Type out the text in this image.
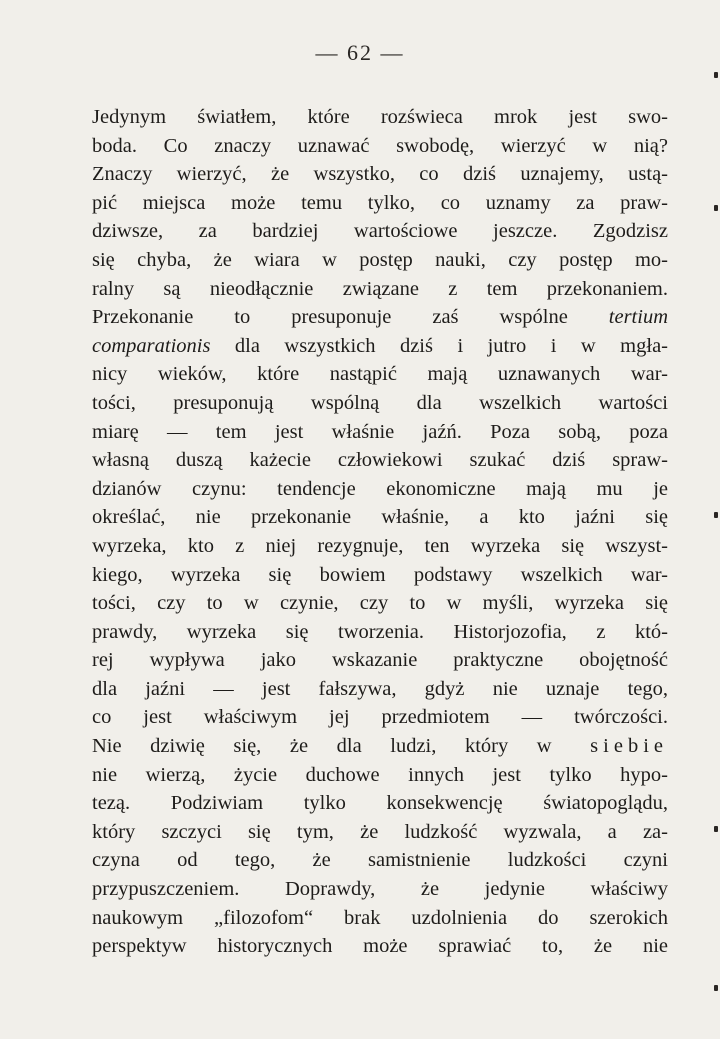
— 62 —
Jedynym światłem, które rozświeca mrok jest swo-
boda. Co znaczy uznawać swobodę, wierzyć w nią?
Znaczy wierzyć, że wszystko, co dziś uznajemy, ustą-
pić miejsca może temu tylko, co uznamy za praw-
dziwsze, za bardziej wartościowe jeszcze. Zgodzisz
się chyba, że wiara w postęp nauki, czy postęp mo-
ralny są nieodłącznie związane z tem przekonaniem.
Przekonanie to presuponuje zaś wspólne tertium
comparationis dla wszystkich dziś i jutro i w mgła-
nicy wieków, które nastąpić mają uznawanych war-
tości, presuponują wspólną dla wszelkich wartości
miarę — tem jest właśnie jaźń. Poza sobą, poza
własną duszą każecie człowiekowi szukać dziś spraw-
dzianów czynu: tendencje ekonomiczne mają mu je
określać, nie przekonanie właśnie, a kto jaźni się
wyrzeka, kto z niej rezygnuje, ten wyrzeka się wszyst-
kiego, wyrzeka się bowiem podstawy wszelkich war-
tości, czy to w czynie, czy to w myśli, wyrzeka się
prawdy, wyrzeka się tworzenia. Historjozofia, z któ-
rej wypływa jako wskazanie praktyczne obojętność
dla jaźni — jest fałszywa, gdyż nie uznaje tego,
co jest właściwym jej przedmiotem — twórczości.
Nie dziwię się, że dla ludzi, który w siebie
nie wierzą, życie duchowe innych jest tylko hypo-
tezą. Podziwiam tylko konsekwencję światopoglądu,
który szczyci się tym, że ludzkość wyzwala, a za-
czyna od tego, że samistnienie ludzkości czyni
przypuszczeniem. Doprawdy, że jedynie właściwy
naukowym „filozofom“ brak uzdolnienia do szerokich
perspektyw historycznych może sprawiać to, że nie
